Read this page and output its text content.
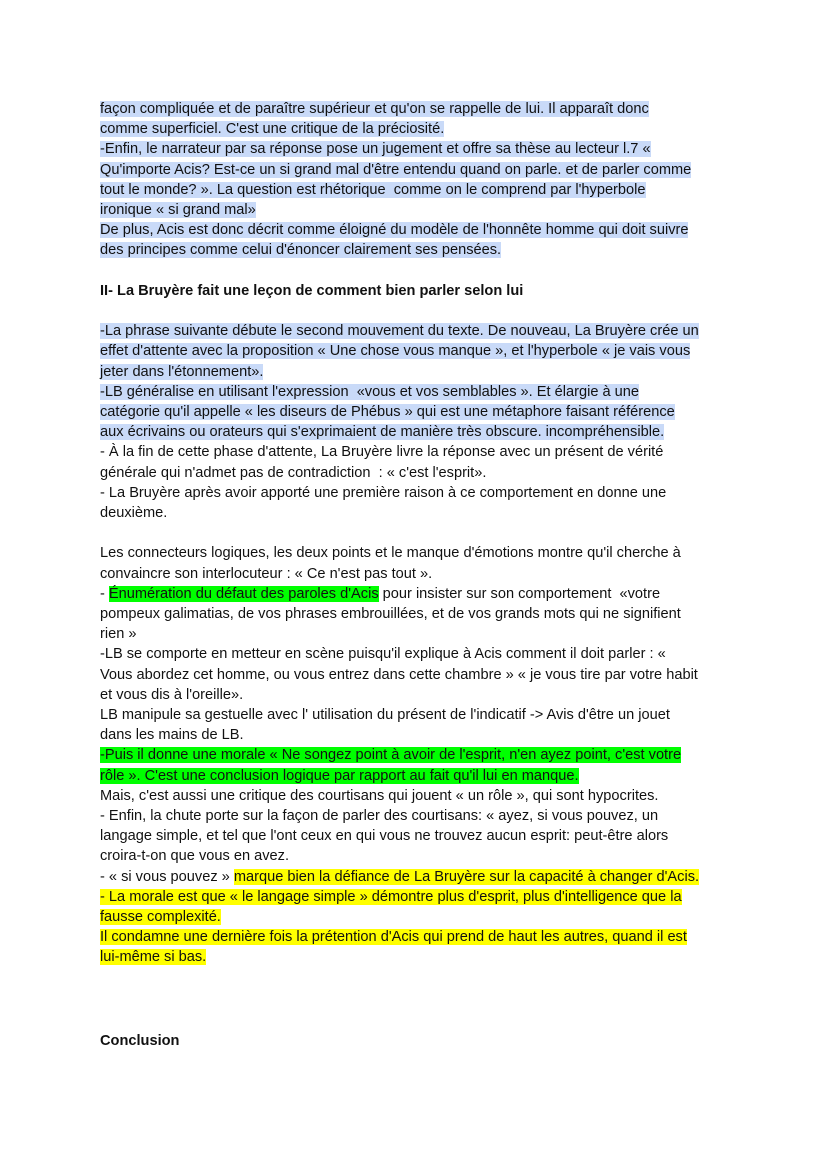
façon compliquée et de paraître supérieur et qu'on se rappelle de lui. Il apparaît donc
comme superficiel. C'est une critique de la préciosité.
-Enfin, le narrateur par sa réponse pose un jugement et offre sa thèse au lecteur l.7 «
Qu'importe Acis? Est-ce un si grand mal d'être entendu quand on parle. et de parler comme
tout le monde? ». La question est rhétorique  comme on le comprend par l'hyperbole
ironique « si grand mal»
De plus, Acis est donc décrit comme éloigné du modèle de l'honnête homme qui doit suivre
des principes comme celui d'énoncer clairement ses pensées.
II- La Bruyère fait une leçon de comment bien parler selon lui
-La phrase suivante débute le second mouvement du texte. De nouveau, La Bruyère crée un
effet d'attente avec la proposition « Une chose vous manque », et l'hyperbole « je vais vous
jeter dans l'étonnement».
-LB généralise en utilisant l'expression  «vous et vos semblables ». Et élargie à une
catégorie qu'il appelle « les diseurs de Phébus » qui est une métaphore faisant référence
aux écrivains ou orateurs qui s'exprimaient de manière très obscure. incompréhensible.
- À la fin de cette phase d'attente, La Bruyère livre la réponse avec un présent de vérité
générale qui n'admet pas de contradiction  : « c'est l'esprit».
- La Bruyère après avoir apporté une première raison à ce comportement en donne une
deuxième.
Les connecteurs logiques, les deux points et le manque d'émotions montre qu'il cherche à
convaincre son interlocuteur : « Ce n'est pas tout ».
- Énumération du défaut des paroles d'Acis pour insister sur son comportement  «votre
pompeux galimatias, de vos phrases embrouillées, et de vos grands mots qui ne signifient
rien »
-LB se comporte en metteur en scène puisqu'il explique à Acis comment il doit parler : «
Vous abordez cet homme, ou vous entrez dans cette chambre » « je vous tire par votre habit
et vous dis à l'oreille».
LB manipule sa gestuelle avec l' utilisation du présent de l'indicatif -> Avis d'être un jouet
dans les mains de LB.
-Puis il donne une morale « Ne songez point à avoir de l'esprit, n'en ayez point, c'est votre
rôle ». C'est une conclusion logique par rapport au fait qu'il lui en manque.
Mais, c'est aussi une critique des courtisans qui jouent « un rôle », qui sont hypocrites.
- Enfin, la chute porte sur la façon de parler des courtisans: « ayez, si vous pouvez, un
langage simple, et tel que l'ont ceux en qui vous ne trouvez aucun esprit: peut-être alors
croira-t-on que vous en avez.
- « si vous pouvez » marque bien la défiance de La Bruyère sur la capacité à changer d'Acis.
- La morale est que « le langage simple » démontre plus d'esprit, plus d'intelligence que la
fausse complexité.
Il condamne une dernière fois la prétention d'Acis qui prend de haut les autres, quand il est
lui-même si bas.
Conclusion
